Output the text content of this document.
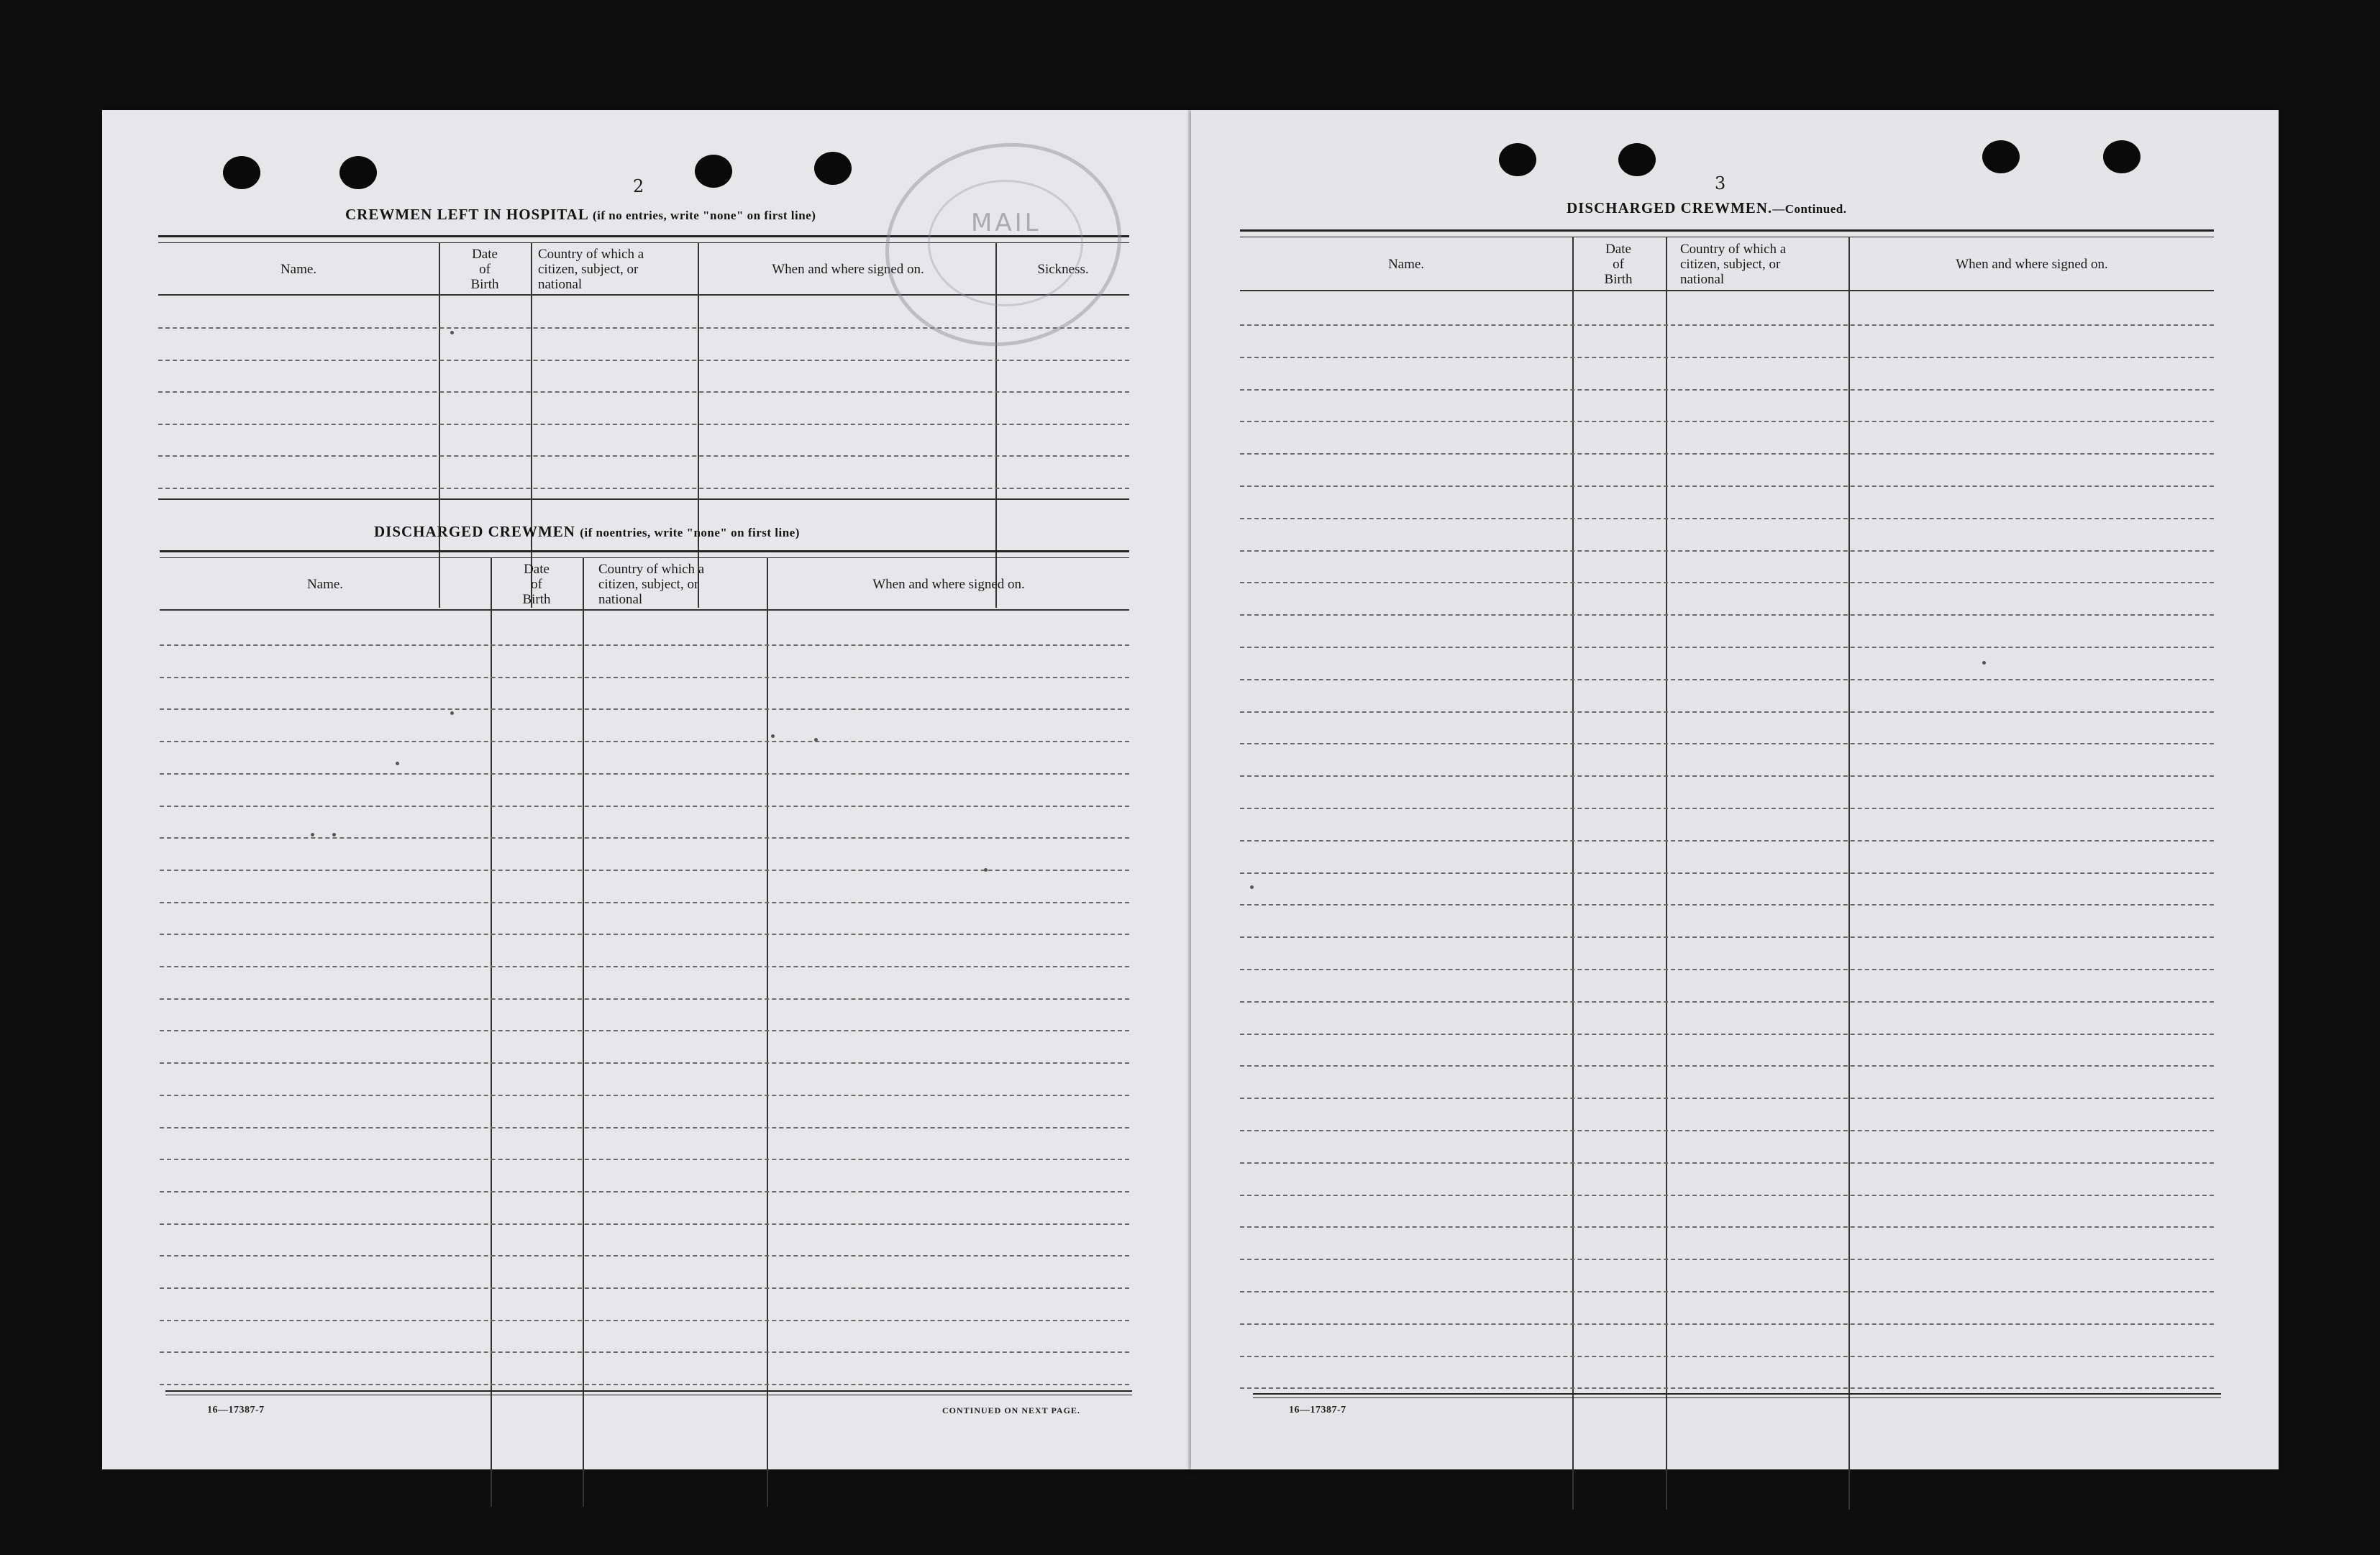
2
CREWMEN LEFT IN HOSPITAL (if no entries, write "none" on first line)
Name.
Date
of
Birth
Country of which a
citizen, subject, or
national
When and where signed on.	Sickness.
DISCHARGED CREWMEN (if noentries, write "none" on first line)
Name.
Date
of
Birth
Country of which a
citizen, subject, or
national
When and where signed on.
16—17387-7	CONTINUED ON NEXT PAGE.
MAIL
3
DISCHARGED CREWMEN.—Continued.
Name.
Date
of
Birth
Country of which a
citizen, subject, or
national
When and where signed on.
16—17387-7
